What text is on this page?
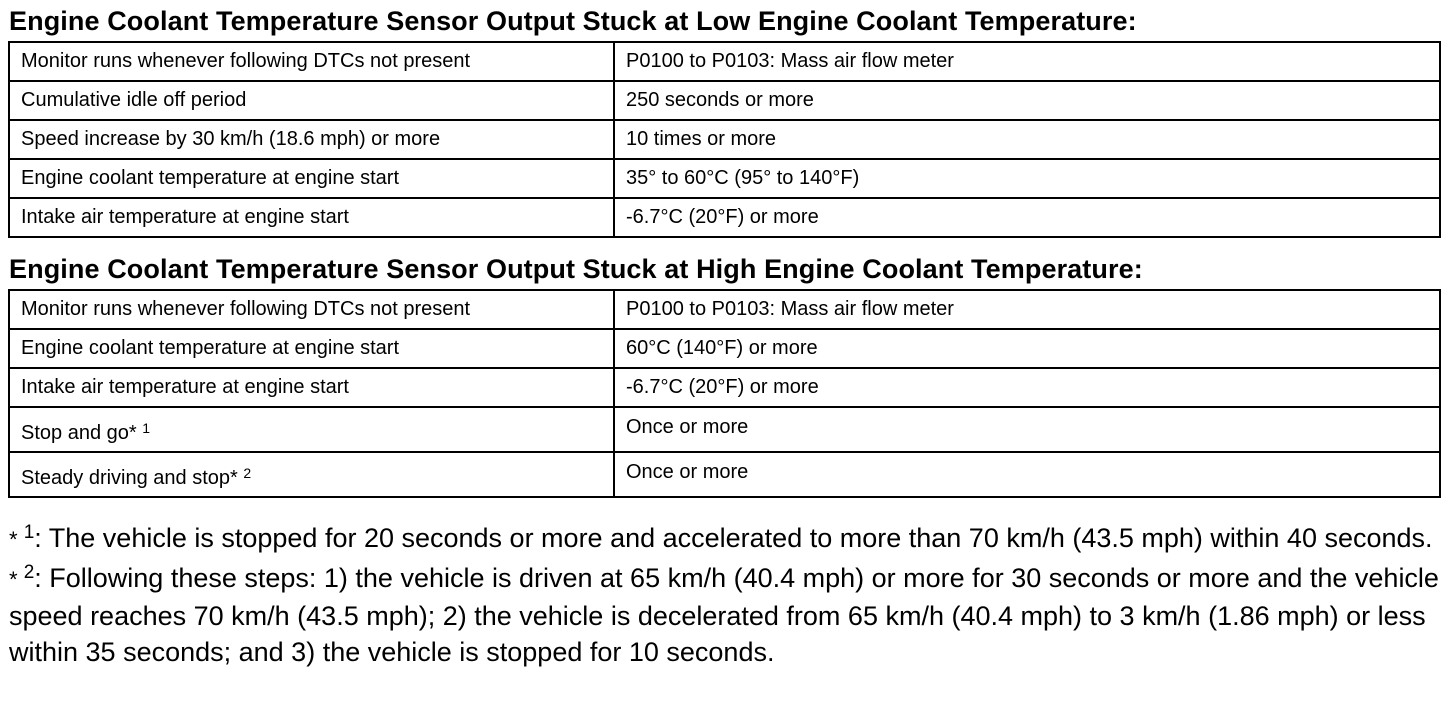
Engine Coolant Temperature Sensor Output Stuck at Low Engine Coolant Temperature:
Monitor runs whenever following DTCs not present	P0100 to P0103: Mass air flow meter
Cumulative idle off period	250 seconds or more
Speed increase by 30 km/h (18.6 mph) or more	10 times or more
Engine coolant temperature at engine start	35° to 60°C (95° to 140°F)
Intake air temperature at engine start	-6.7°C (20°F) or more
Engine Coolant Temperature Sensor Output Stuck at High Engine Coolant Temperature:
Monitor runs whenever following DTCs not present	P0100 to P0103: Mass air flow meter
Engine coolant temperature at engine start	60°C (140°F) or more
Intake air temperature at engine start	-6.7°C (20°F) or more
Stop and go* $^1$	Once or more
Steady driving and stop* $^2$	Once or more
* $^1$: The vehicle is stopped for 20 seconds or more and accelerated to more than 70 km/h (43.5 mph) within 40 seconds.
* $^2$: Following these steps: 1) the vehicle is driven at 65 km/h (40.4 mph) or more for 30 seconds or more and the vehicle speed reaches 70 km/h (43.5 mph); 2) the vehicle is decelerated from 65 km/h (40.4 mph) to 3 km/h (1.86 mph) or less within 35 seconds; and 3) the vehicle is stopped for 10 seconds.
